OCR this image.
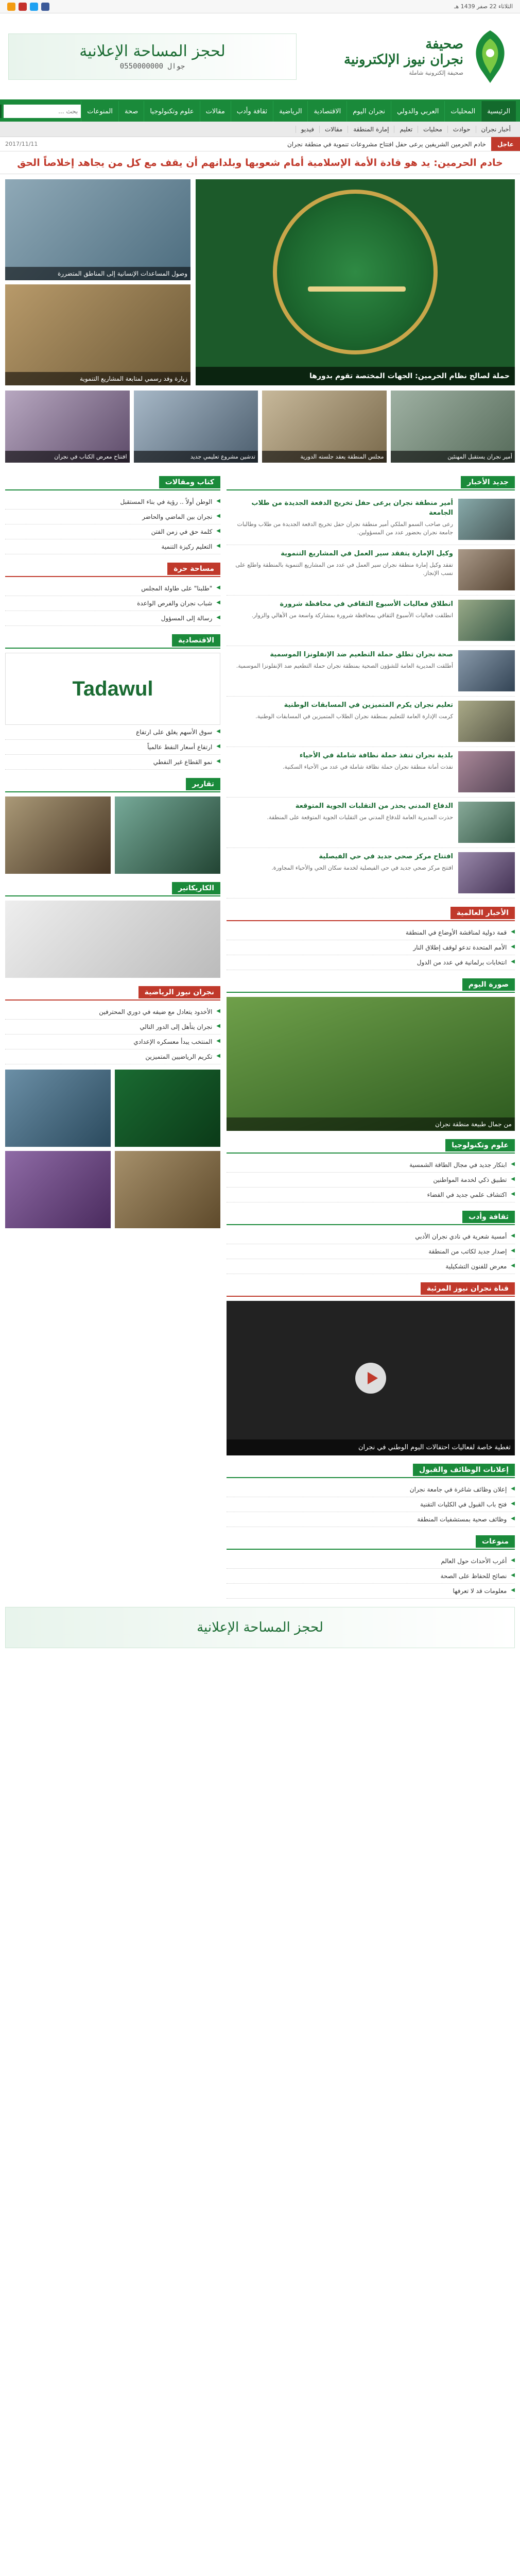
الثلاثاء 22 صفر 1439 هـ
صحيفة
نجران نيوز الإلكترونية
صحيفة إلكترونية شاملة
لحجز المساحة الإعلانية
0550000000 جوال
الرئيسية
المحليات
العربي والدولي
نجران اليوم
الاقتصادية
الرياضية
ثقافة وأدب
مقالات
علوم وتكنولوجيا
صحة
المنوعات
بحث ...
أخبار نجران
حوادث
محليات
تعليم
إمارة المنطقة
مقالات
فيديو
عاجل
خادم الحرمين الشريفين يرعى حفل افتتاح مشروعات تنموية في منطقة نجران
2017/11/11
خادم الحرمين: يد هو قادة الأمة الإسلامية أمام شعوبها وبلدانهم أن يقف مع كل من يجاهد إخلاصاً الحق
حملة لصالح نظام الحرمين: الجهات المختصة تقوم بدورها
وصول المساعدات الإنسانية إلى المناطق المتضررة
زيارة وفد رسمي لمتابعة المشاريع التنموية
أمير نجران يستقبل المهنئين
مجلس المنطقة يعقد جلسته الدورية
تدشين مشروع تعليمي جديد
افتتاح معرض الكتاب في نجران
جديد الأخبار
أمير منطقة نجران يرعى حفل تخريج الدفعة الجديدة من طلاب الجامعة
رعى صاحب السمو الملكي أمير منطقة نجران حفل تخريج الدفعة الجديدة من طلاب وطالبات جامعة نجران بحضور عدد من المسؤولين.
وكيل الإمارة يتفقد سير العمل في المشاريع التنموية
تفقد وكيل إمارة منطقة نجران سير العمل في عدد من المشاريع التنموية بالمنطقة واطلع على نسب الإنجاز.
انطلاق فعاليات الأسبوع الثقافي في محافظة شرورة
انطلقت فعاليات الأسبوع الثقافي بمحافظة شرورة بمشاركة واسعة من الأهالي والزوار.
صحة نجران تطلق حملة التطعيم ضد الإنفلونزا الموسمية
أطلقت المديرية العامة للشؤون الصحية بمنطقة نجران حملة التطعيم ضد الإنفلونزا الموسمية.
تعليم نجران يكرم المتميزين في المسابقات الوطنية
كرمت الإدارة العامة للتعليم بمنطقة نجران الطلاب المتميزين في المسابقات الوطنية.
بلدية نجران تنفذ حملة نظافة شاملة في الأحياء
نفذت أمانة منطقة نجران حملة نظافة شاملة في عدد من الأحياء السكنية.
الدفاع المدني يحذر من التقلبات الجوية المتوقعة
حذرت المديرية العامة للدفاع المدني من التقلبات الجوية المتوقعة على المنطقة.
افتتاح مركز صحي جديد في حي الفيصلية
افتتح مركز صحي جديد في حي الفيصلية لخدمة سكان الحي والأحياء المجاورة.
الأخبار العالمية
◀ قمة دولية لمناقشة الأوضاع في المنطقة
◀ الأمم المتحدة تدعو لوقف إطلاق النار
◀ انتخابات برلمانية في عدد من الدول
صورة اليوم
من جمال طبيعة منطقة نجران
علوم وتكنولوجيا
◀ ابتكار جديد في مجال الطاقة الشمسية
◀ تطبيق ذكي لخدمة المواطنين
◀ اكتشاف علمي جديد في الفضاء
ثقافة وأدب
◀ أمسية شعرية في نادي نجران الأدبي
◀ إصدار جديد لكاتب من المنطقة
◀ معرض للفنون التشكيلية
قناة نجران نيوز المرئية
تغطية خاصة لفعاليات احتفالات اليوم الوطني في نجران
إعلانات الوظائف والقبول
◀ إعلان وظائف شاغرة في جامعة نجران
◀ فتح باب القبول في الكليات التقنية
◀ وظائف صحية بمستشفيات المنطقة
منوعات
◀ أغرب الأحداث حول العالم
◀ نصائح للحفاظ على الصحة
◀ معلومات قد لا تعرفها
كتاب ومقالات
◀ الوطن أولاً .. رؤية في بناء المستقبل
◀ نجران بين الماضي والحاضر
◀ كلمة حق في زمن الفتن
◀ التعليم ركيزة التنمية
مساحة حرة
◀ "طلبنا" على طاولة المجلس
◀ شباب نجران والفرص الواعدة
◀ رسالة إلى المسؤول
الاقتصادية
Tadawul
◀ سوق الأسهم يغلق على ارتفاع
◀ ارتفاع أسعار النفط عالمياً
◀ نمو القطاع غير النفطي
تقارير
الكاريكاتير
نجران نيوز الرياضية
◀ الأخدود يتعادل مع ضيفه في دوري المحترفين
◀ نجران يتأهل إلى الدور التالي
◀ المنتخب يبدأ معسكره الإعدادي
◀ تكريم الرياضيين المتميزين
لحجز المساحة الإعلانية
